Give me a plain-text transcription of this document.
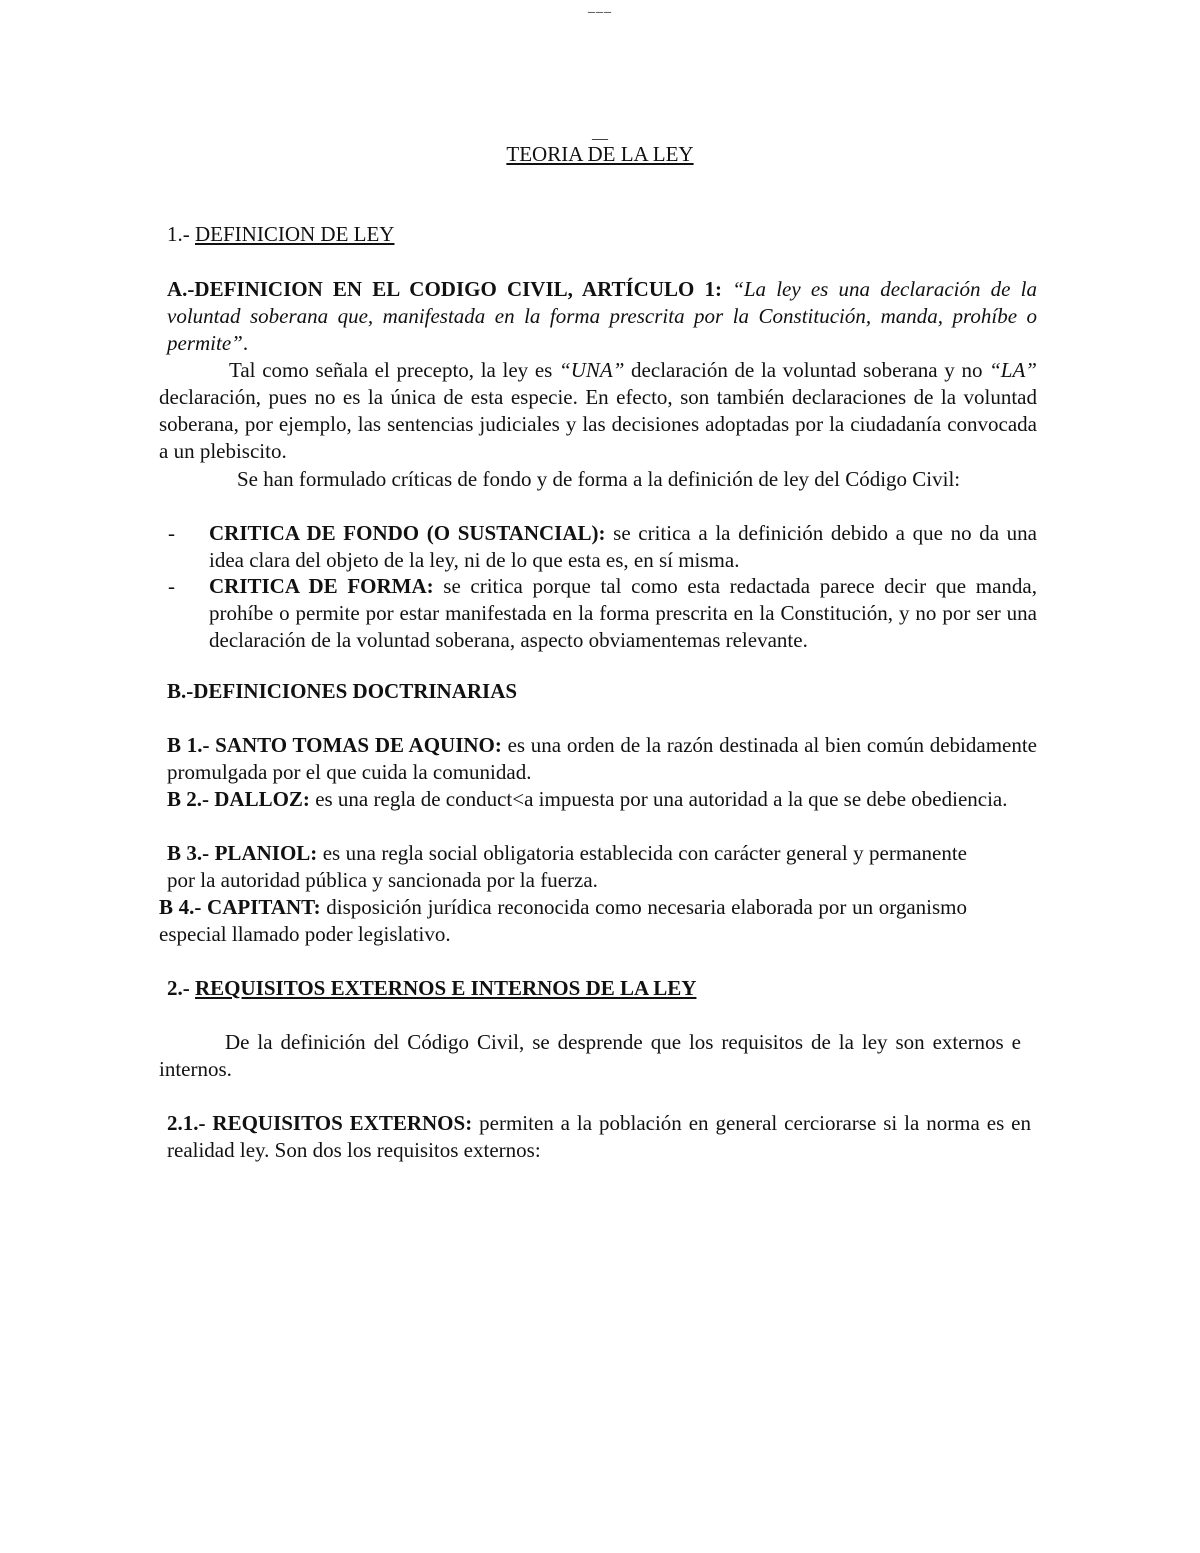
___
__
TEORIA DE LA LEY
1.- DEFINICION DE LEY
A.-DEFINICION EN EL CODIGO CIVIL, ARTÍCULO 1: “La ley es una declaración de la voluntad soberana que, manifestada en la forma prescrita por la Constitución, manda, prohíbe o permite”.
Tal como señala el precepto, la ley es “UNA” declaración de la voluntad soberana y no “LA” declaración, pues no es la única de esta especie. En efecto, son también declaraciones de la voluntad soberana, por ejemplo, las sentencias judiciales y las decisiones adoptadas por la ciudadanía convocada a un plebiscito.
Se han formulado críticas de fondo y de forma a la definición de ley del Código Civil:
-	CRITICA DE FONDO (O SUSTANCIAL): se critica a la definición debido a que no da una idea clara del objeto de la ley, ni de lo que esta es, en sí misma.
-	CRITICA DE FORMA: se critica porque tal como esta redactada parece decir que manda, prohíbe o permite por estar manifestada en la forma prescrita en la Constitución, y no por ser una declaración de la voluntad soberana, aspecto obviamentemas relevante.
B.-DEFINICIONES DOCTRINARIAS
B 1.- SANTO TOMAS DE AQUINO: es una orden de la razón destinada al bien común debidamente promulgada por el que cuida la comunidad.
B 2.- DALLOZ: es una regla de conduct<a impuesta por una autoridad a la que se debe obediencia.
B 3.- PLANIOL: es una regla social obligatoria establecida con carácter general y permanente por la autoridad pública y sancionada por la fuerza.
B 4.- CAPITANT: disposición jurídica reconocida como necesaria elaborada por un organismo especial llamado poder legislativo.
2.- REQUISITOS EXTERNOS E INTERNOS DE LA LEY
De la definición del Código Civil, se desprende que los requisitos de la ley son externos e internos.
2.1.- REQUISITOS EXTERNOS: permiten a la población en general cerciorarse si la norma es en realidad ley. Son dos los requisitos externos:
